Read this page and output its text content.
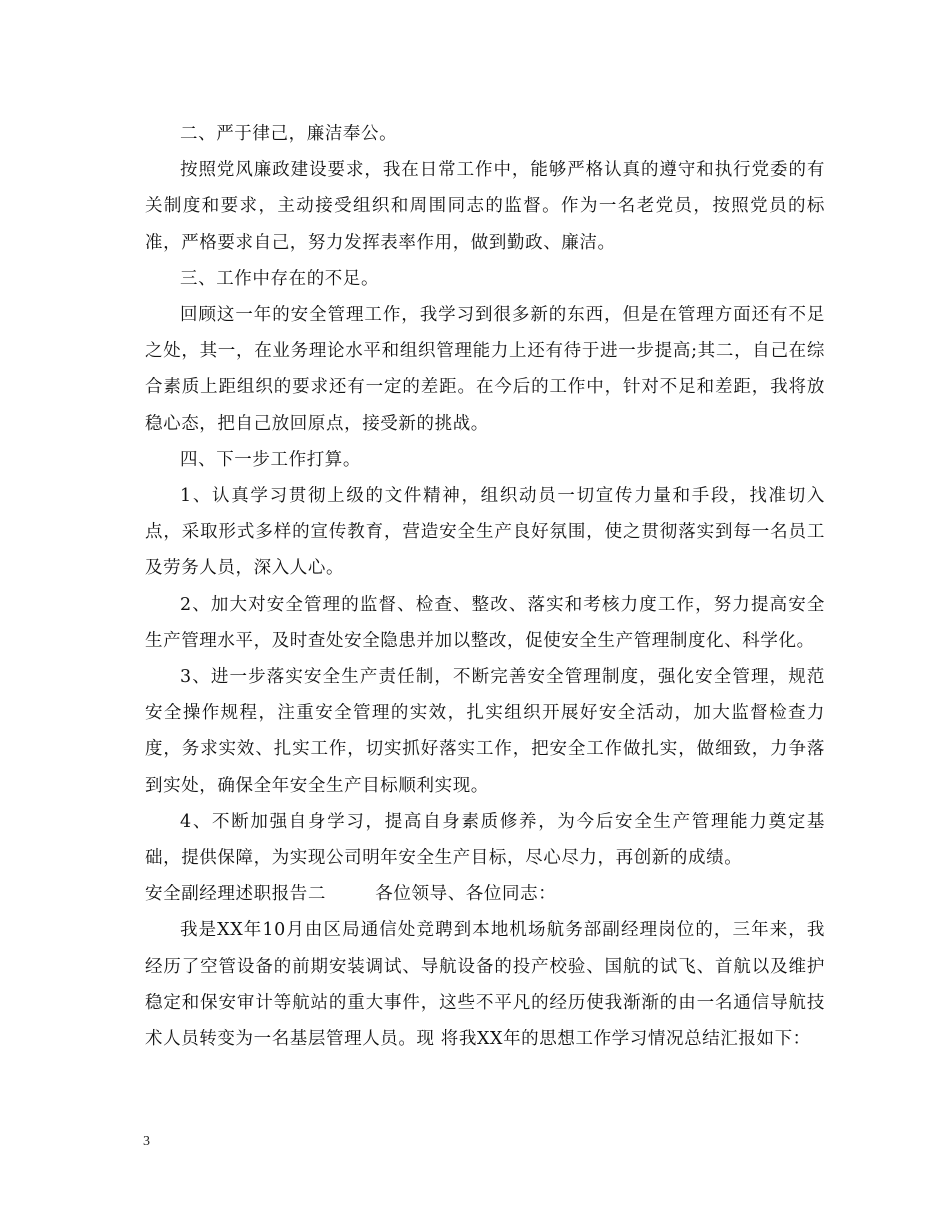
二、严于律己，廉洁奉公。

按照党风廉政建设要求，我在日常工作中，能够严格认真的遵守和执行党委的有关制度和要求，主动接受组织和周围同志的监督。作为一名老党员，按照党员的标准，严格要求自己，努力发挥表率作用，做到勤政、廉洁。

三、工作中存在的不足。

回顾这一年的安全管理工作，我学习到很多新的东西，但是在管理方面还有不足之处，其一，在业务理论水平和组织管理能力上还有待于进一步提高;其二，自己在综合素质上距组织的要求还有一定的差距。在今后的工作中，针对不足和差距，我将放稳心态，把自己放回原点，接受新的挑战。

四、下一步工作打算。

1、认真学习贯彻上级的文件精神，组织动员一切宣传力量和手段，找准切入点，采取形式多样的宣传教育，营造安全生产良好氛围，使之贯彻落实到每一名员工及劳务人员，深入人心。

2、加大对安全管理的监督、检查、整改、落实和考核力度工作，努力提高安全生产管理水平，及时查处安全隐患并加以整改，促使安全生产管理制度化、科学化。

3、进一步落实安全生产责任制，不断完善安全管理制度，强化安全管理，规范安全操作规程，注重安全管理的实效，扎实组织开展好安全活动，加大监督检查力度，务求实效、扎实工作，切实抓好落实工作，把安全工作做扎实，做细致，力争落到实处，确保全年安全生产目标顺利实现。

4、不断加强自身学习，提高自身素质修养，为今后安全生产管理能力奠定基础，提供保障，为实现公司明年安全生产目标，尽心尽力，再创新的成绩。

安全副经理述职报告二        各位领导、各位同志：

我是XX年10月由区局通信处竞聘到本地机场航务部副经理岗位的，三年来，我经历了空管设备的前期安装调试、导航设备的投产校验、国航的试飞、首航以及维护稳定和保安审计等航站的重大事件，这些不平凡的经历使我渐渐的由一名通信导航技术人员转变为一名基层管理人员。现 将我XX年的思想工作学习情况总结汇报如下：

3
